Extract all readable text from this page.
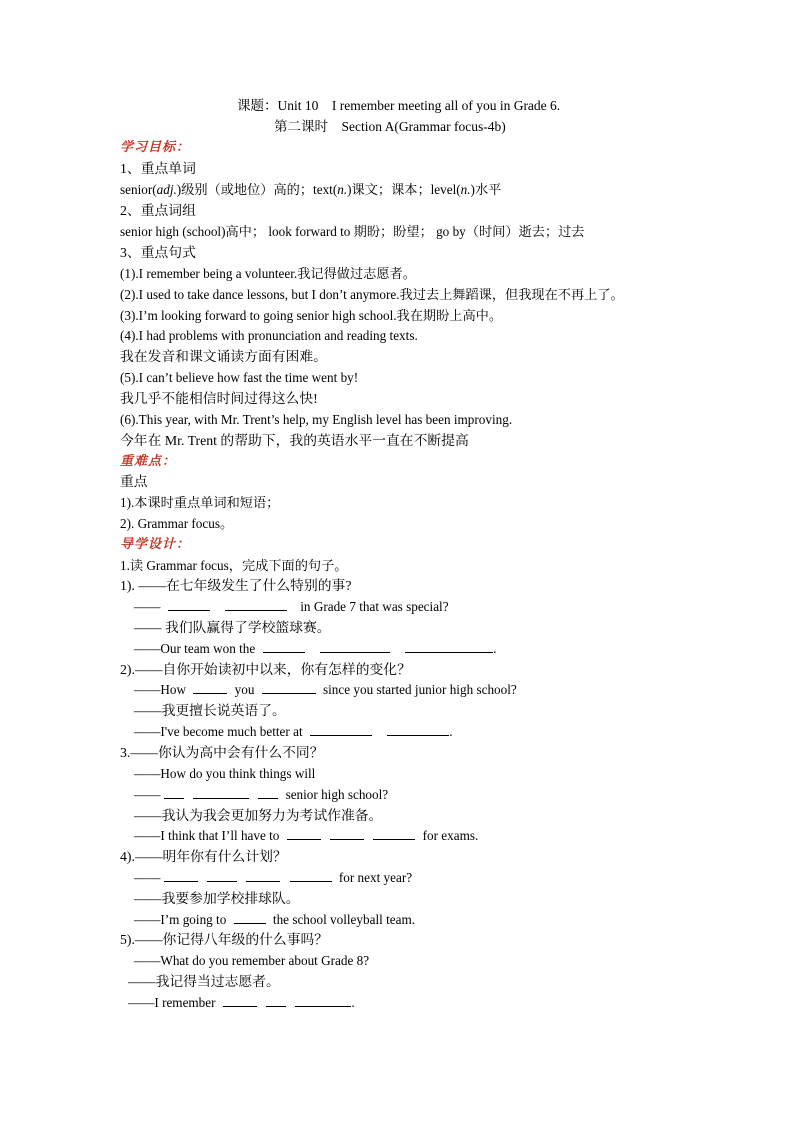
课题：Unit 10　I remember meeting all of you in Grade 6.
第二课时　Section A(Grammar focus-4b)
学习目标：
1、重点单词
senior(adj.)级别（或地位）高的；text(n.)课文；课本；level(n.)水平
2、重点词组
senior high (school)高中； look forward to 期盼；盼望； go by（时间）逝去；过去
3、重点句式
(1).I remember being a volunteer.我记得做过志愿者。
(2).I used to take dance lessons, but I don’t anymore.我过去上舞蹈课，但我现在不再上了。
(3).I’m looking forward to going senior high school.我在期盼上高中。
(4).I had problems with pronunciation and reading texts.
我在发音和课文诵读方面有困难。
(5).I can’t believe how fast the time went by!
我几乎不能相信时间过得这么快!
(6).This year, with Mr. Trent’s help, my English level has been improving.
今年在 Mr. Trent 的帮助下，我的英语水平一直在不断提高
重难点：
重点
1).本课时重点单词和短语；
2). Grammar focus。
导学设计：
1.读 Grammar focus，完成下面的句子。
1). ——在七年级发生了什么特别的事?
——	in Grade 7 that was special?
—— 我们队赢得了学校篮球赛。
——Our team won the	.
2).——自你开始读初中以来，你有怎样的变化？
——How	you	since you started junior high school?
——我更擅长说英语了。
——I've become much better at	.
3.——你认为高中会有什么不同？
——How do you think things will
——	senior high school?
——我认为我会更加努力为考试作准备。
——I think that I’ll have to	for exams.
4).——明年你有什么计划？
——	for next year?
——我要参加学校排球队。
——I’m going to	the school volleyball team.
5).——你记得八年级的什么事吗？
——What do you remember about Grade 8?
——我记得当过志愿者。
——I remember	.
